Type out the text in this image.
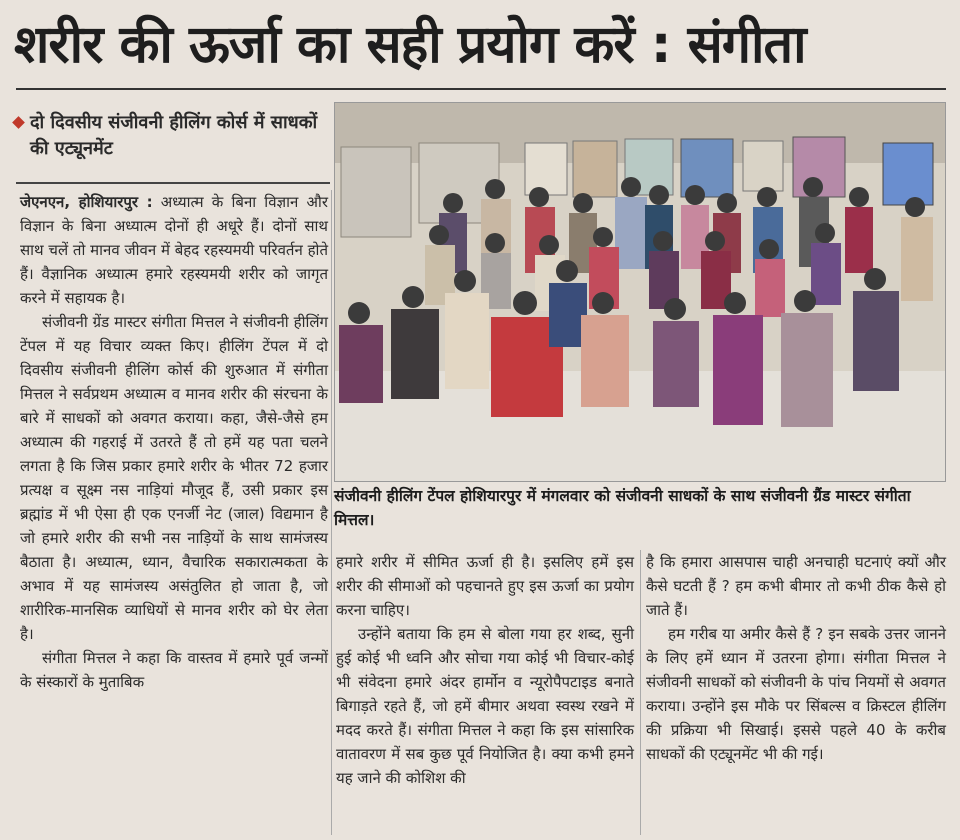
शरीर की ऊर्जा का सही प्रयोग करें : संगीता
दो दिवसीय संजीवनी हीलिंग कोर्स में साधकों की एट्यूनमेंट
संजीवनी हीलिंग टेंपल होशियारपुर में मंगलवार को संजीवनी साधकों के साथ संजीवनी ग्रैंड मास्टर संगीता मित्तल।

जेएनएन, होशियारपुर : अध्यात्म के बिना विज्ञान और विज्ञान के बिना अध्यात्म दोनों ही अधूरे हैं। दोनों साथ साथ चलें तो मानव जीवन में बेहद रहस्यमयी परिवर्तन होते हैं। वैज्ञानिक अध्यात्म हमारे रहस्यमयी शरीर को जागृत करने में सहायक है।

संजीवनी ग्रेंड मास्टर संगीता मित्तल ने संजीवनी हीलिंग टेंपल में यह विचार व्यक्त किए। हीलिंग टेंपल में दो दिवसीय संजीवनी हीलिंग कोर्स की शुरुआत में संगीता मित्तल ने सर्वप्रथम अध्यात्म व मानव शरीर की संरचना के बारे में साधकों को अवगत कराया। कहा, जैसे-जैसे हम अध्यात्म की गहराई में उतरते हैं तो हमें यह पता चलने लगता है कि जिस प्रकार हमारे शरीर के भीतर 72 हजार प्रत्यक्ष व सूक्ष्म नस नाड़ियां मौजूद हैं, उसी प्रकार इस ब्रह्मांड में भी ऐसा ही एक एनर्जी नेट (जाल) विद्यमान है जो हमारे शरीर की सभी नस नाड़ियों के साथ सामंजस्य बैठाता है। अध्यात्म, ध्यान, वैचारिक सकारात्मकता के अभाव में यह सामंजस्य असंतुलित हो जाता है, जो शारीरिक-मानसिक व्याधियों से मानव शरीर को घेर लेता है।

संगीता मित्तल ने कहा कि वास्तव में हमारे पूर्व जन्मों के संस्कारों के मुताबिक

हमारे शरीर में सीमित ऊर्जा ही है। इसलिए हमें इस शरीर की सीमाओं को पहचानते हुए इस ऊर्जा का प्रयोग करना चाहिए।

उन्होंने बताया कि हम से बोला गया हर शब्द, सुनी हुई कोई भी ध्वनि और सोचा गया कोई भी विचार-कोई भी संवेदना हमारे अंदर हार्मोन व न्यूरोपैपटाइड बनाते बिगाड़ते रहते हैं, जो हमें बीमार अथवा स्वस्थ रखने में मदद करते हैं। संगीता मित्तल ने कहा कि इस सांसारिक वातावरण में सब कुछ पूर्व नियोजित है। क्या कभी हमने यह जाने की कोशिश की

है कि हमारा आसपास चाही अनचाही घटनाएं क्यों और कैसे घटती हैं ? हम कभी बीमार तो कभी ठीक कैसे हो जाते हैं।

हम गरीब या अमीर कैसे हैं ? इन सबके उत्तर जानने के लिए हमें ध्यान में उतरना होगा। संगीता मित्तल ने संजीवनी साधकों को संजीवनी के पांच नियमों से अवगत कराया। उन्होंने इस मौके पर सिंबल्स व क्रिस्टल हीलिंग की प्रक्रिया भी सिखाई। इससे पहले 40 के करीब साधकों की एट्यूनमेंट भी की गई।
